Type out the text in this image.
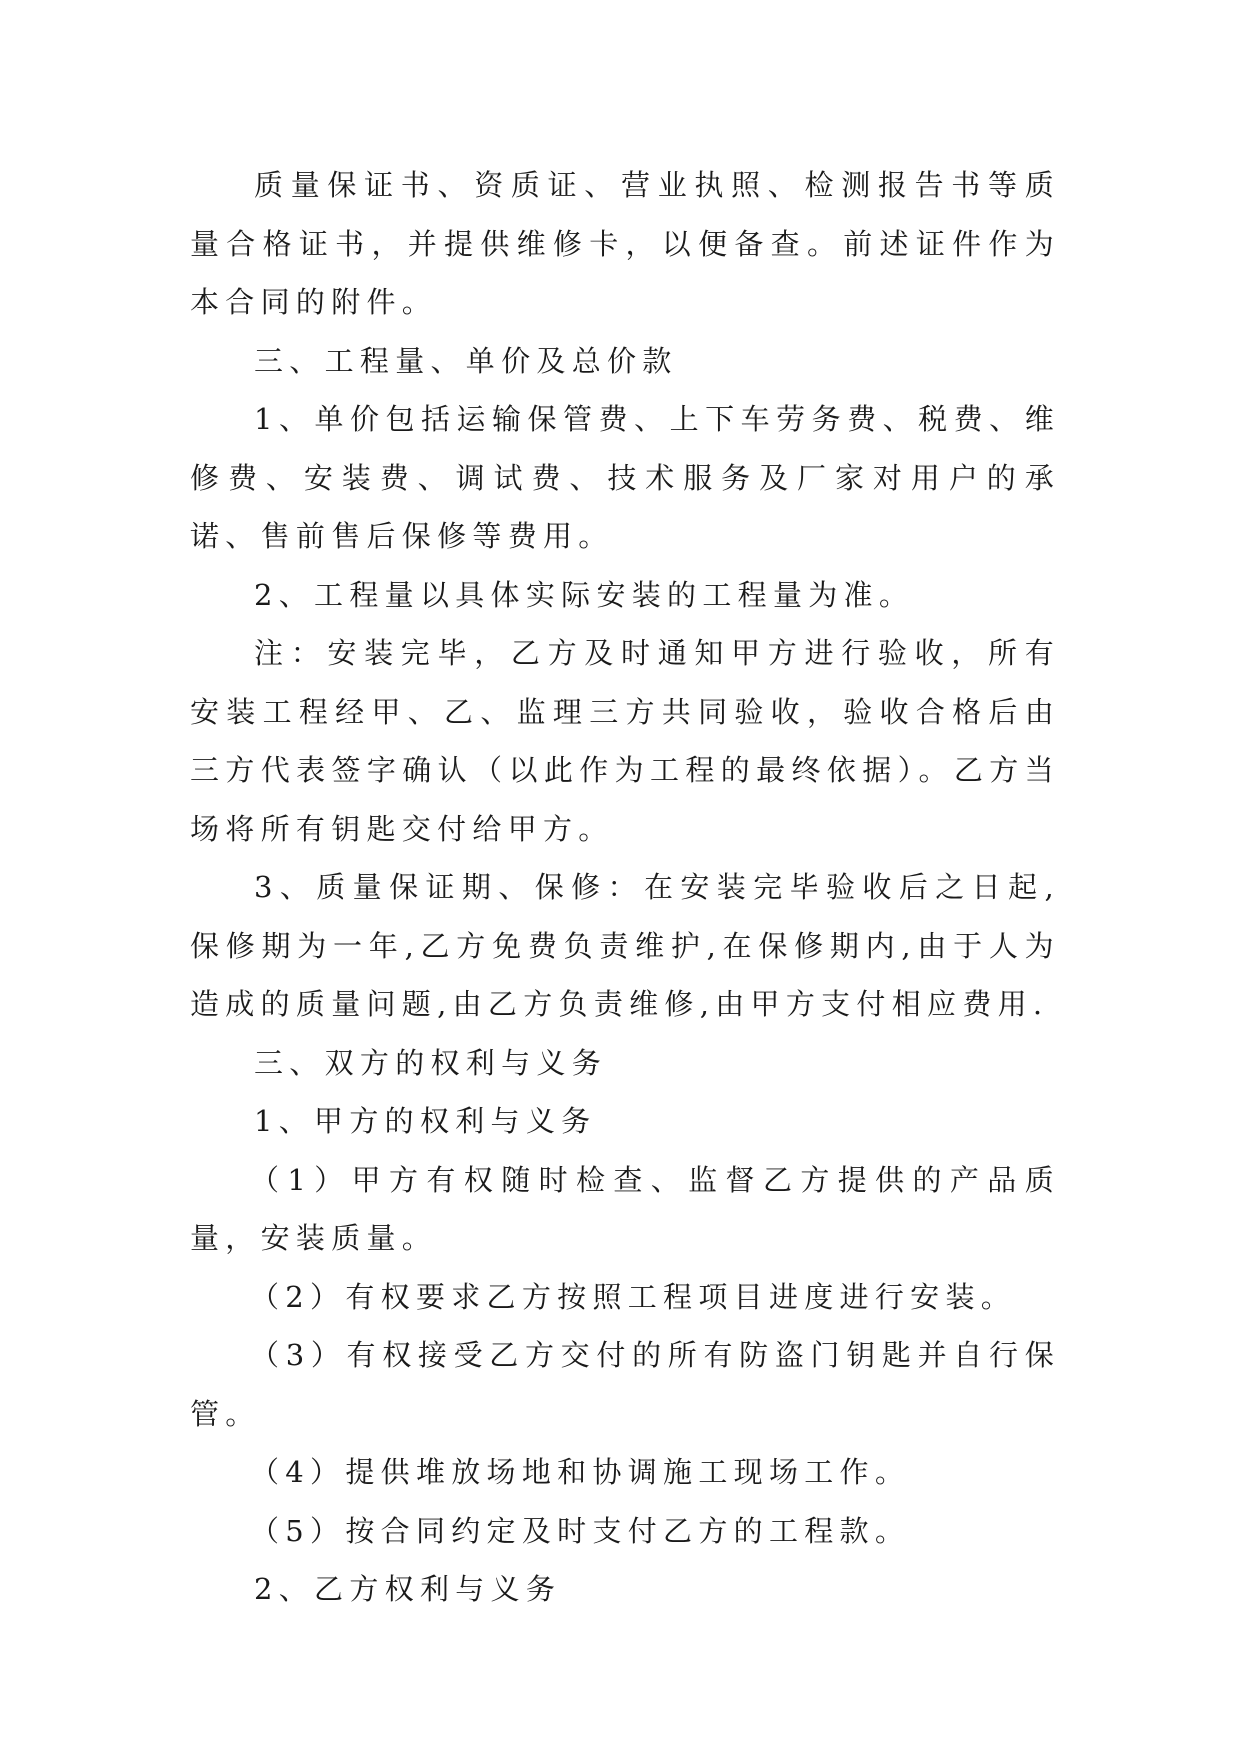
质量保证书、资质证、营业执照、检测报告书等质量合格证书，并提供维修卡，以便备查。前述证件作为本合同的附件。

三、工程量、单价及总价款

1、单价包括运输保管费、上下车劳务费、税费、维修费、安装费、调试费、技术服务及厂家对用户的承诺、售前售后保修等费用。

2、工程量以具体实际安装的工程量为准。

注：安装完毕，乙方及时通知甲方进行验收，所有安装工程经甲、乙、监理三方共同验收，验收合格后由三方代表签字确认（以此作为工程的最终依据）。乙方当场将所有钥匙交付给甲方。

3、质量保证期、保修：在安装完毕验收后之日起,保修期为一年,乙方免费负责维护,在保修期内,由于人为造成的质量问题,由乙方负责维修,由甲方支付相应费用.

三、双方的权利与义务

1、甲方的权利与义务

（1）甲方有权随时检查、监督乙方提供的产品质量，安装质量。

（2）有权要求乙方按照工程项目进度进行安装。

（3）有权接受乙方交付的所有防盗门钥匙并自行保管。

（4）提供堆放场地和协调施工现场工作。

（5）按合同约定及时支付乙方的工程款。

2、乙方权利与义务
